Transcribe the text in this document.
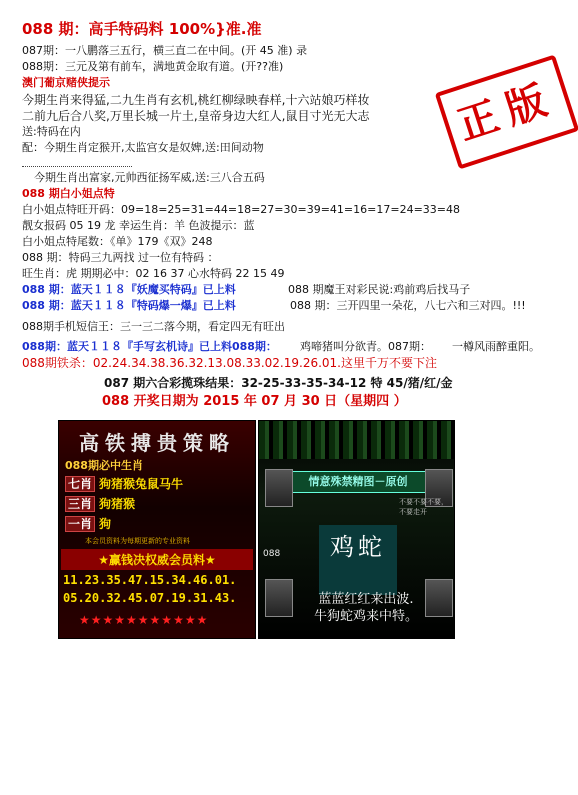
088 期：高手特码料 100%}准.准
正版
087期：一八鹏落三五行，横三直二在中间。(开 45 准) 录
088期：三元及第有前车，满地黄金取有道。(开??准)
澳门葡京赌侠提示
今期生肖来得猛,二九生肖有玄机,桃红柳绿映春样,十六站娘巧样妆
二前九后合八奖,万里长城一片土,皇帝身边大红人,鼠目寸光无大志
送:特码在内
配：今期生肖定猴开,太监宫女是奴婢,送:田间动物
今期生肖出富家,元帅西征扬军威,送:三八合五码
088 期白小姐点特
白小姐点特旺开码：09=18=25=31=44=18=27=30=39=41=16=17=24=33=48
靓女报码 05 19 龙 幸运生肖：羊 色波提示：蓝
白小姐点特尾数：《单》179《双》248
088 期：特码三九两找 过一位有特码 ：
旺生肖：虎 期期必中：02 16 37 心水特码 22 15 49
088 期：蓝天１１８『妖魔买特码』已上料	088 期魔王对彩民说:鸡前鸡后找马子
088 期：蓝天１１８『特码爆一爆』已上料	088 期：三开四里一朵花，八七六和三对四。!!!
088期手机短信王：三一三二落今期，看定四无有旺出
088期：蓝天１１８『手写玄机诗』已上料088期： 鸡啼猪叫分欲青。087期： 一樽风雨醉重阳。
088期铁杀：02.24.34.38.36.32.13.08.33.02.19.26.01.这里千万不要下注
087 期六合彩揽珠结果：32-25-33-35-34-12 特 45/猪/红/金
088 开奖日期为 2015 年 07 月 30 日（星期四 ）
高铁搏贵策略
088期必中生肖
七肖 狗猪猴兔鼠马牛
三肖 狗猪猴
一肖 狗
本会员资料为每期更新的专业资料
★赢钱决权威会员料★
11.23.35.47.15.34.46.01.
05.20.32.45.07.19.31.43.
★★★★★★★★★★★
情意殊禁精图－原创
不要不要不要，不要走开
鸡蛇
088
蓝蓝红红来出波.
牛狗蛇鸡来中特。
